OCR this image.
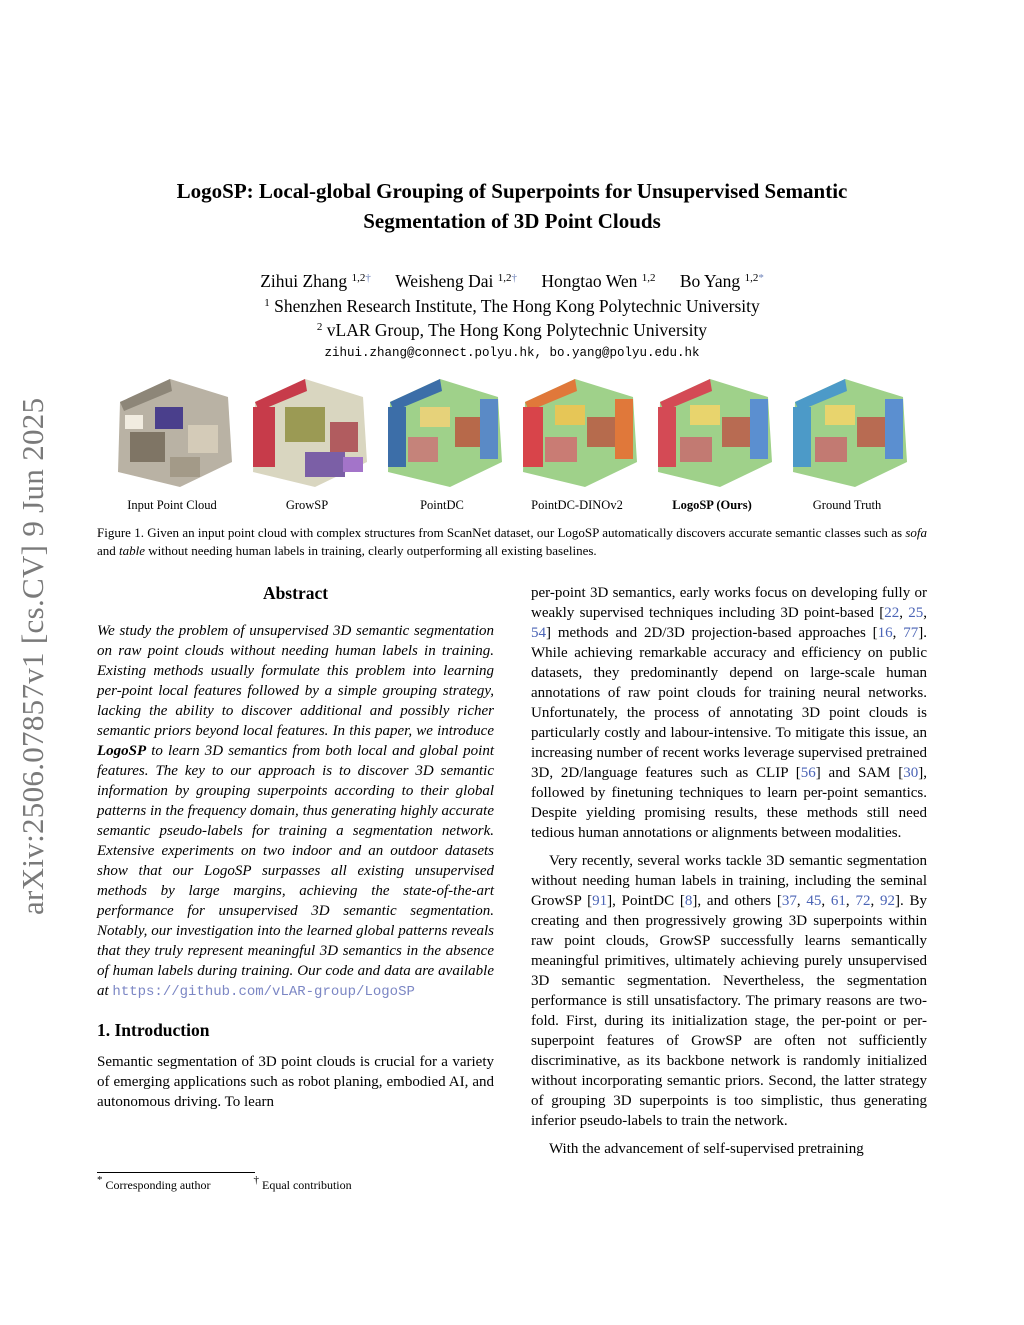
arXiv:2506.07857v1 [cs.CV] 9 Jun 2025
LogoSP: Local-global Grouping of Superpoints for Unsupervised Semantic
Segmentation of 3D Point Clouds
Zihui Zhang $^{1,2\dagger}$ Weisheng Dai $^{1,2\dagger}$ Hongtao Wen $^{1,2}$ Bo Yang $^{1,2*}$
$^1$ Shenzhen Research Institute, The Hong Kong Polytechnic University
$^2$ vLAR Group, The Hong Kong Polytechnic University
zihui.zhang@connect.polyu.hk, bo.yang@polyu.edu.hk
Input Point Cloud	GrowSP	PointDC	PointDC-DINOv2	LogoSP (Ours)	Ground Truth
Figure 1. Given an input point cloud with complex structures from ScanNet dataset, our LogoSP automatically discovers accurate semantic classes such as sofa and table without needing human labels in training, clearly outperforming all existing baselines.
Abstract

We study the problem of unsupervised 3D semantic segmentation on raw point clouds without needing human labels in training. Existing methods usually formulate this problem into learning per-point local features followed by a simple grouping strategy, lacking the ability to discover additional and possibly richer semantic priors beyond local features. In this paper, we introduce LogoSP to learn 3D semantics from both local and global point features. The key to our approach is to discover 3D semantic information by grouping superpoints according to their global patterns in the frequency domain, thus generating highly accurate semantic pseudo-labels for training a segmentation network. Extensive experiments on two indoor and an outdoor datasets show that our LogoSP surpasses all existing unsupervised methods by large margins, achieving the state-of-the-art performance for unsupervised 3D semantic segmentation. Notably, our investigation into the learned global patterns reveals that they truly represent meaningful 3D semantics in the absence of human labels during training. Our code and data are available at https://github.com/vLAR-group/LogoSP

1. Introduction

Semantic segmentation of 3D point clouds is crucial for a variety of emerging applications such as robot planing, embodied AI, and autonomous driving. To learn

per-point 3D semantics, early works focus on developing fully or weakly supervised techniques including 3D point-based [22, 25, 54] methods and 2D/3D projection-based approaches [16, 77]. While achieving remarkable accuracy and efficiency on public datasets, they predominantly depend on large-scale human annotations of raw point clouds for training neural networks. Unfortunately, the process of annotating 3D point clouds is particularly costly and labour-intensive. To mitigate this issue, an increasing number of recent works leverage supervised pretrained 3D, 2D/language features such as CLIP [56] and SAM [30], followed by finetuning techniques to learn per-point semantics. Despite yielding promising results, these methods still need tedious human annotations or alignments between modalities.

Very recently, several works tackle 3D semantic segmentation without needing human labels in training, including the seminal GrowSP [91], PointDC [8], and others [37, 45, 61, 72, 92]. By creating and then progressively growing 3D superpoints within raw point clouds, GrowSP successfully learns semantically meaningful primitives, ultimately achieving purely unsupervised 3D semantic segmentation. Nevertheless, the segmentation performance is still unsatisfactory. The primary reasons are two-fold. First, during its initialization stage, the per-point or per-superpoint features of GrowSP are often not sufficiently discriminative, as its backbone network is randomly initialized without incorporating semantic priors. Second, the latter strategy of grouping 3D superpoints is too simplistic, thus generating inferior pseudo-labels to train the network.

With the advancement of self-supervised pretraining

* Corresponding author	† Equal contribution
